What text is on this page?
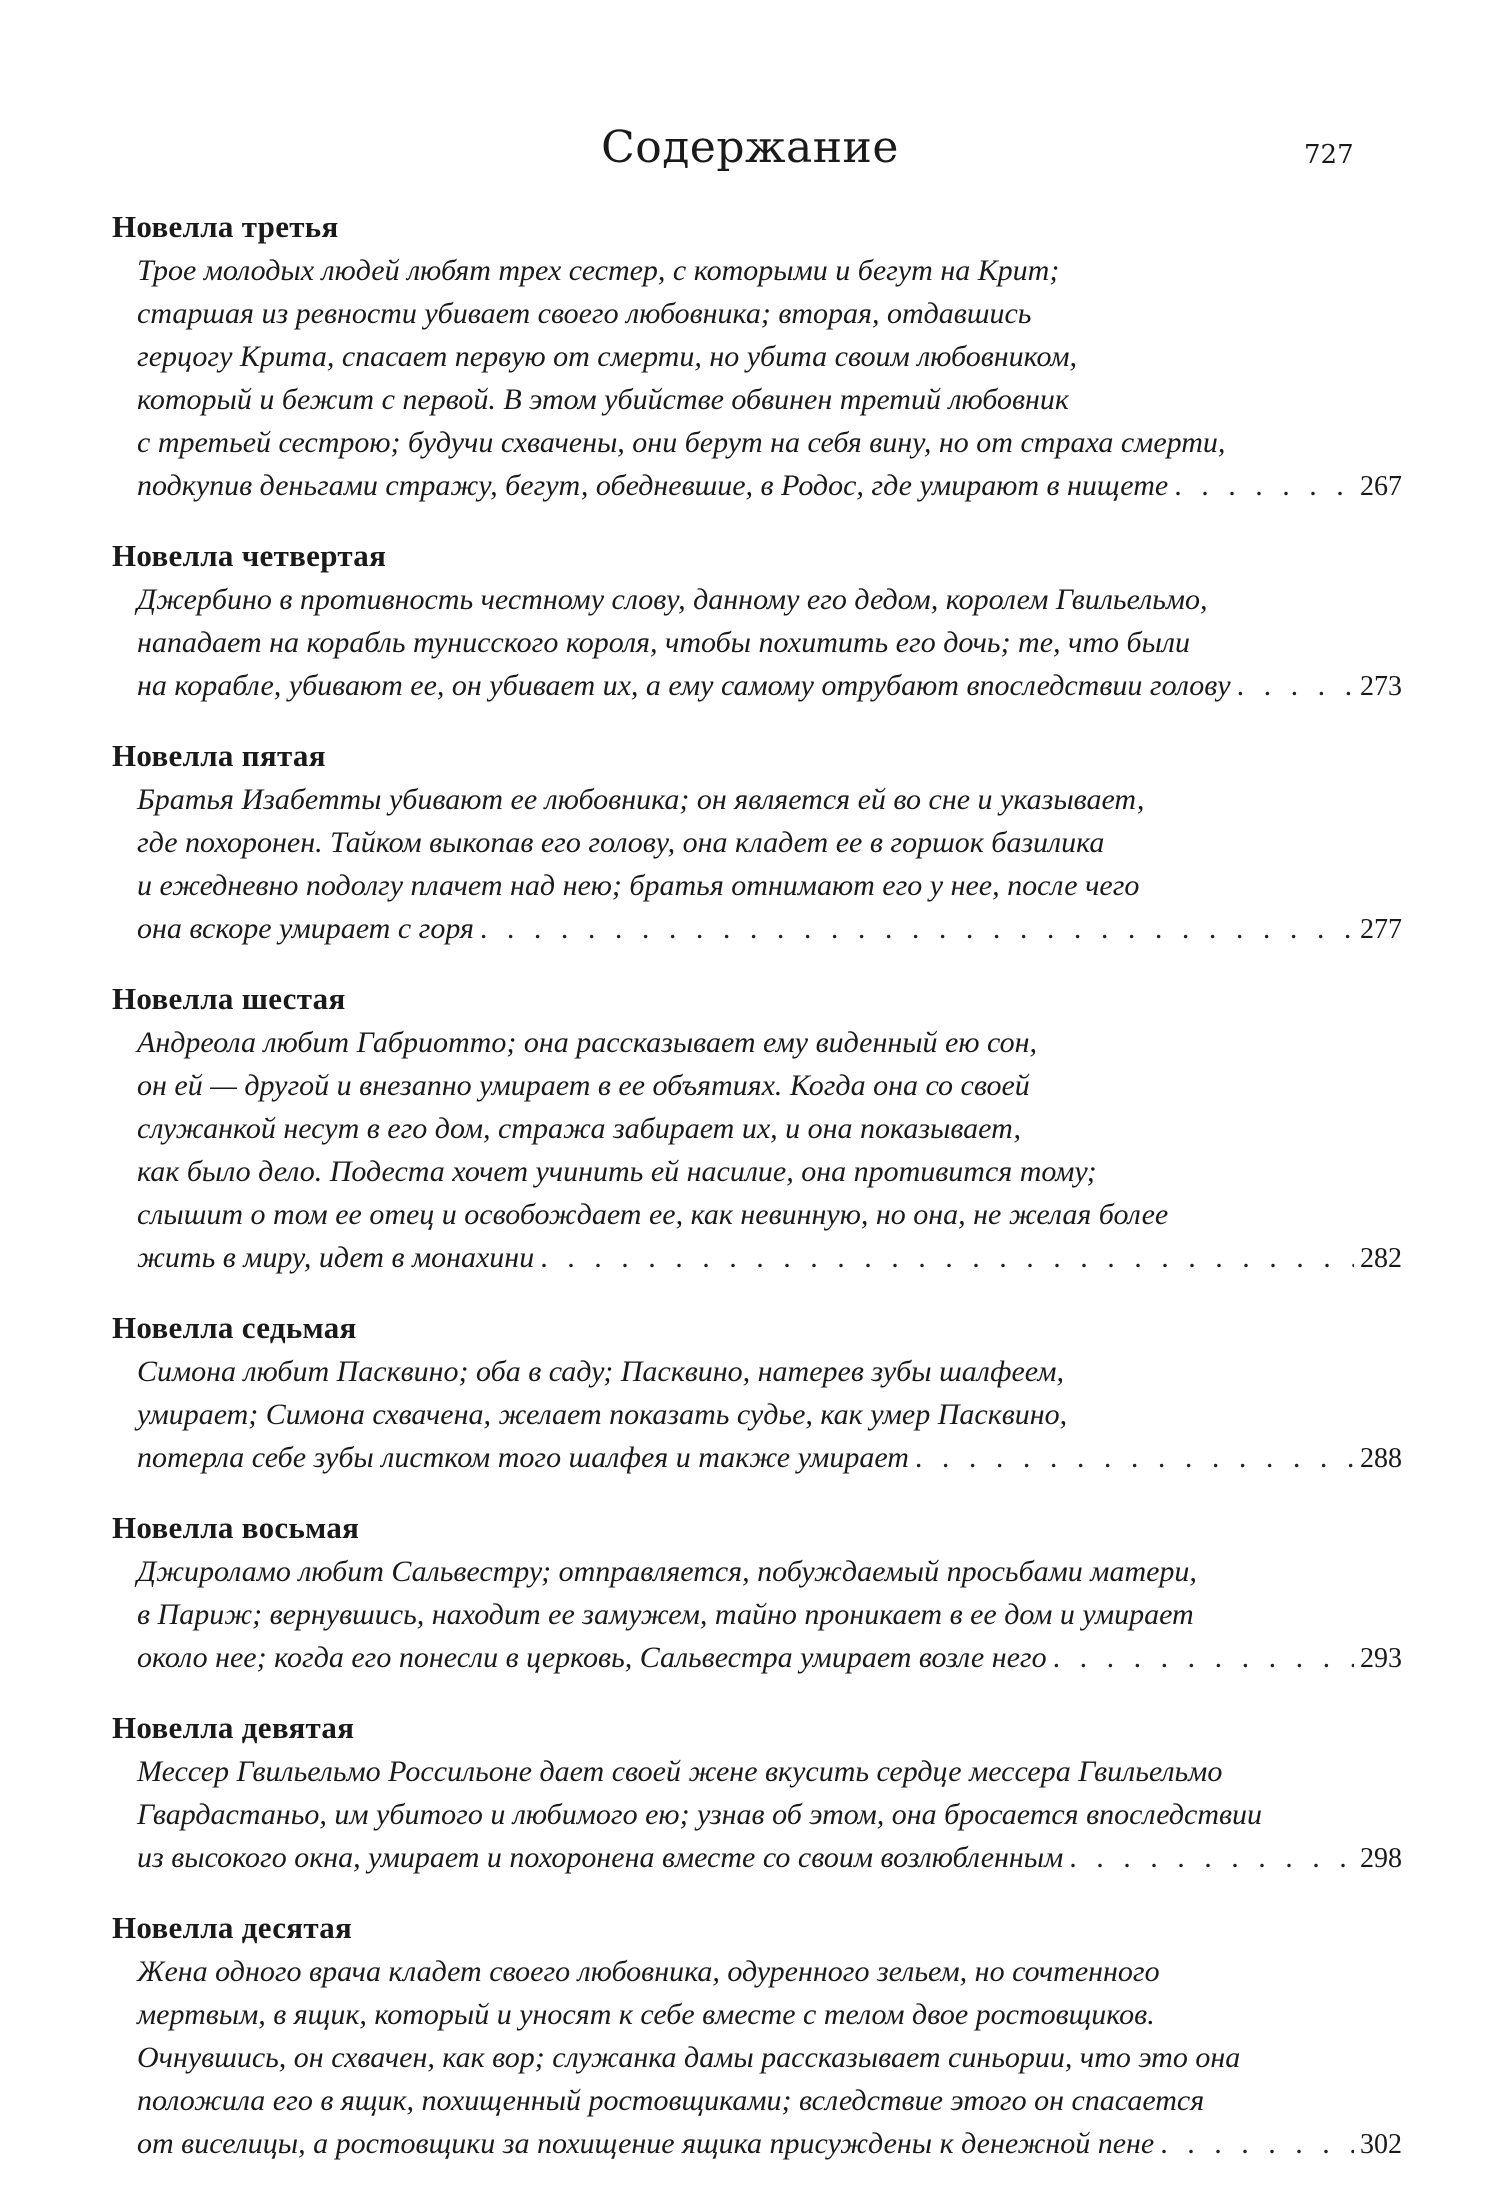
Содержание	727
Новелла третья
Трое молодых людей любят трех сестер, с которыми и бегут на Крит;
старшая из ревности убивает своего любовника; вторая, отдавшись
герцогу Крита, спасает первую от смерти, но убита своим любовником,
который и бежит с первой. В этом убийстве обвинен третий любовник
с третьей сестрою; будучи схвачены, они берут на себя вину, но от страха смерти,
подкупив деньгами стражу, бегут, обедневшие, в Родос, где умирают в нищете . . .	267
Новелла четвертая
Джербино в противность честному слову, данному его дедом, королем Гвильельмо,
нападает на корабль тунисского короля, чтобы похитить его дочь; те, что были
на корабле, убивают ее, он убивает их, а ему самому отрубают впоследствии голову . . .	273
Новелла пятая
Братья Изабетты убивают ее любовника; он является ей во сне и указывает,
где похоронен. Тайком выкопав его голову, она кладет ее в горшок базилика
и ежедневно подолгу плачет над нею; братья отнимают его у нее, после чего
она вскоре умирает с горя . . .	277
Новелла шестая
Андреола любит Габриотто; она рассказывает ему виденный ею сон,
он ей — другой и внезапно умирает в ее объятиях. Когда она со своей
служанкой несут в его дом, стража забирает их, и она показывает,
как было дело. Подеста хочет учинить ей насилие, она противится тому;
слышит о том ее отец и освобождает ее, как невинную, но она, не желая более
жить в миру, идет в монахини . . .	282
Новелла седьмая
Симона любит Пасквино; оба в саду; Пасквино, натерев зубы шалфеем,
умирает; Симона схвачена, желает показать судье, как умер Пасквино,
потерла себе зубы листком того шалфея и также умирает . . .	288
Новелла восьмая
Джироламо любит Сальвестру; отправляется, побуждаемый просьбами матери,
в Париж; вернувшись, находит ее замужем, тайно проникает в ее дом и умирает
около нее; когда его понесли в церковь, Сальвестра умирает возле него . . .	293
Новелла девятая
Мессер Гвильельмо Россильоне дает своей жене вкусить сердце мессера Гвильельмо
Гвардастаньо, им убитого и любимого ею; узнав об этом, она бросается впоследствии
из высокого окна, умирает и похоронена вместе со своим возлюбленным . . .	298
Новелла десятая
Жена одного врача кладет своего любовника, одуренного зельем, но сочтенного
мертвым, в ящик, который и уносят к себе вместе с телом двое ростовщиков.
Очнувшись, он схвачен, как вор; служанка дамы рассказывает синьории, что это она
положила его в ящик, похищенный ростовщиками; вследствие этого он спасается
от виселицы, а ростовщики за похищение ящика присуждены к денежной пене . . .	302
